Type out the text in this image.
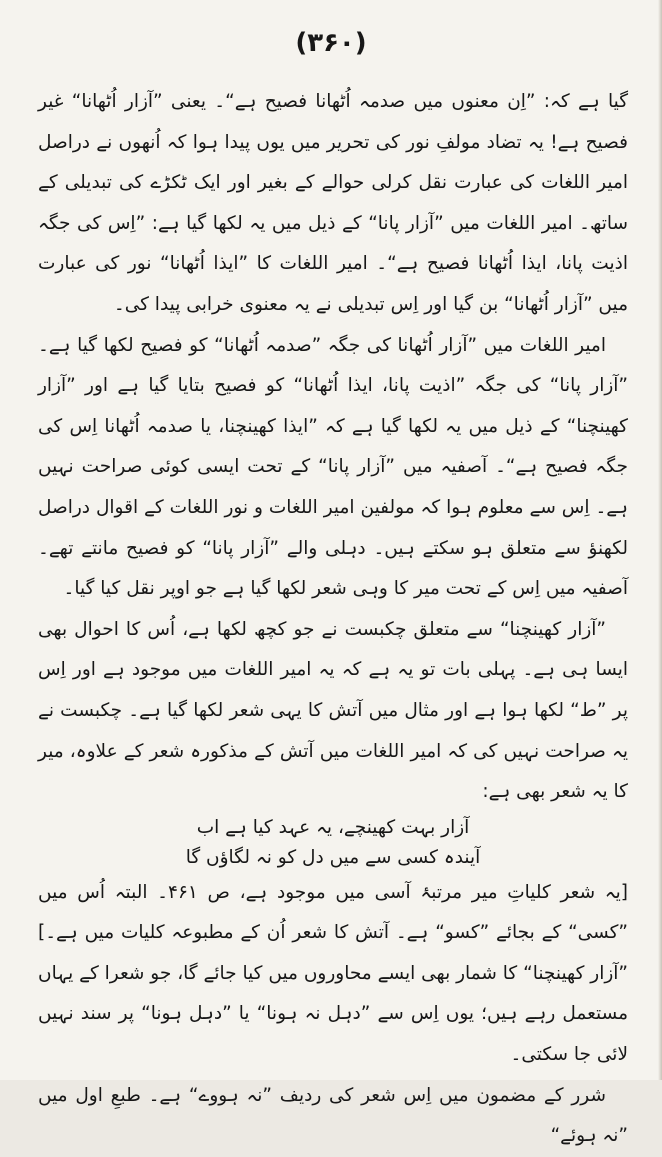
(۳۶۰)

گیا ہے کہ: ”اِن معنوں میں صدمہ اُٹھانا فصیح ہے“۔ یعنی ”آزار اُٹھانا“ غیر فصیح ہے! یہ تضاد مولفِ نور کی تحریر میں یوں پیدا ہوا کہ اُنھوں نے دراصل امیر اللغات کی عبارت نقل کرلی حوالے کے بغیر اور ایک ٹکڑے کی تبدیلی کے ساتھ۔ امیر اللغات میں ”آزار پانا“ کے ذیل میں یہ لکھا گیا ہے: ”اِس کی جگہ اذیت پانا، ایذا اُٹھانا فصیح ہے“۔ امیر اللغات کا ”ایذا اُٹھانا“ نور کی عبارت میں ”آزار اُٹھانا“ بن گیا اور اِس تبدیلی نے یہ معنوی خرابی پیدا کی۔

امیر اللغات میں ”آزار اُٹھانا کی جگہ ”صدمہ اُٹھانا“ کو فصیح لکھا گیا ہے۔ ”آزار پانا“ کی جگہ ”اذیت پانا، ایذا اُٹھانا“ کو فصیح بتایا گیا ہے اور ”آزار کھینچنا“ کے ذیل میں یہ لکھا گیا ہے کہ ”ایذا کھینچنا، یا صدمہ اُٹھانا اِس کی جگہ فصیح ہے“۔ آصفیہ میں ”آزار پانا“ کے تحت ایسی کوئی صراحت نہیں ہے۔ اِس سے معلوم ہوا کہ مولفین امیر اللغات و نور اللغات کے اقوال دراصل لکھنؤ سے متعلق ہو سکتے ہیں۔ دہلی والے ”آزار پانا“ کو فصیح مانتے تھے۔ آصفیہ میں اِس کے تحت میر کا وہی شعر لکھا گیا ہے جو اوپر نقل کیا گیا۔

”آزار کھینچنا“ سے متعلق چکبست نے جو کچھ لکھا ہے، اُس کا احوال بھی ایسا ہی ہے۔ پہلی بات تو یہ ہے کہ یہ امیر اللغات میں موجود ہے اور اِس پر ”ط“ لکھا ہوا ہے اور مثال میں آتش کا یہی شعر لکھا گیا ہے۔ چکبست نے یہ صراحت نہیں کی کہ امیر اللغات میں آتش کے مذکورہ شعر کے علاوہ، میر کا یہ شعر بھی ہے:

آزار بہت کھینچے، یہ عہد کیا ہے اب

آیندہ کسی سے میں دل کو نہ لگاؤں گا

[یہ شعر کلیاتِ میر مرتبۂ آسی میں موجود ہے، ص ۴۶۱۔ البتہ اُس میں ”کسی“ کے بجائے ”کسو“ ہے۔ آتش کا شعر اُن کے مطبوعہ کلیات میں ہے۔] ”آزار کھینچنا“ کا شمار بھی ایسے محاوروں میں کیا جائے گا، جو شعرا کے یہاں مستعمل رہے ہیں؛ یوں اِس سے ”دہل نہ ہونا“ یا ”دہل ہونا“ پر سند نہیں لائی جا سکتی۔

شرر کے مضمون میں اِس شعر کی ردیف ”نہ ہووے“ ہے۔ طبعِ اول میں ”نہ ہوئے“
